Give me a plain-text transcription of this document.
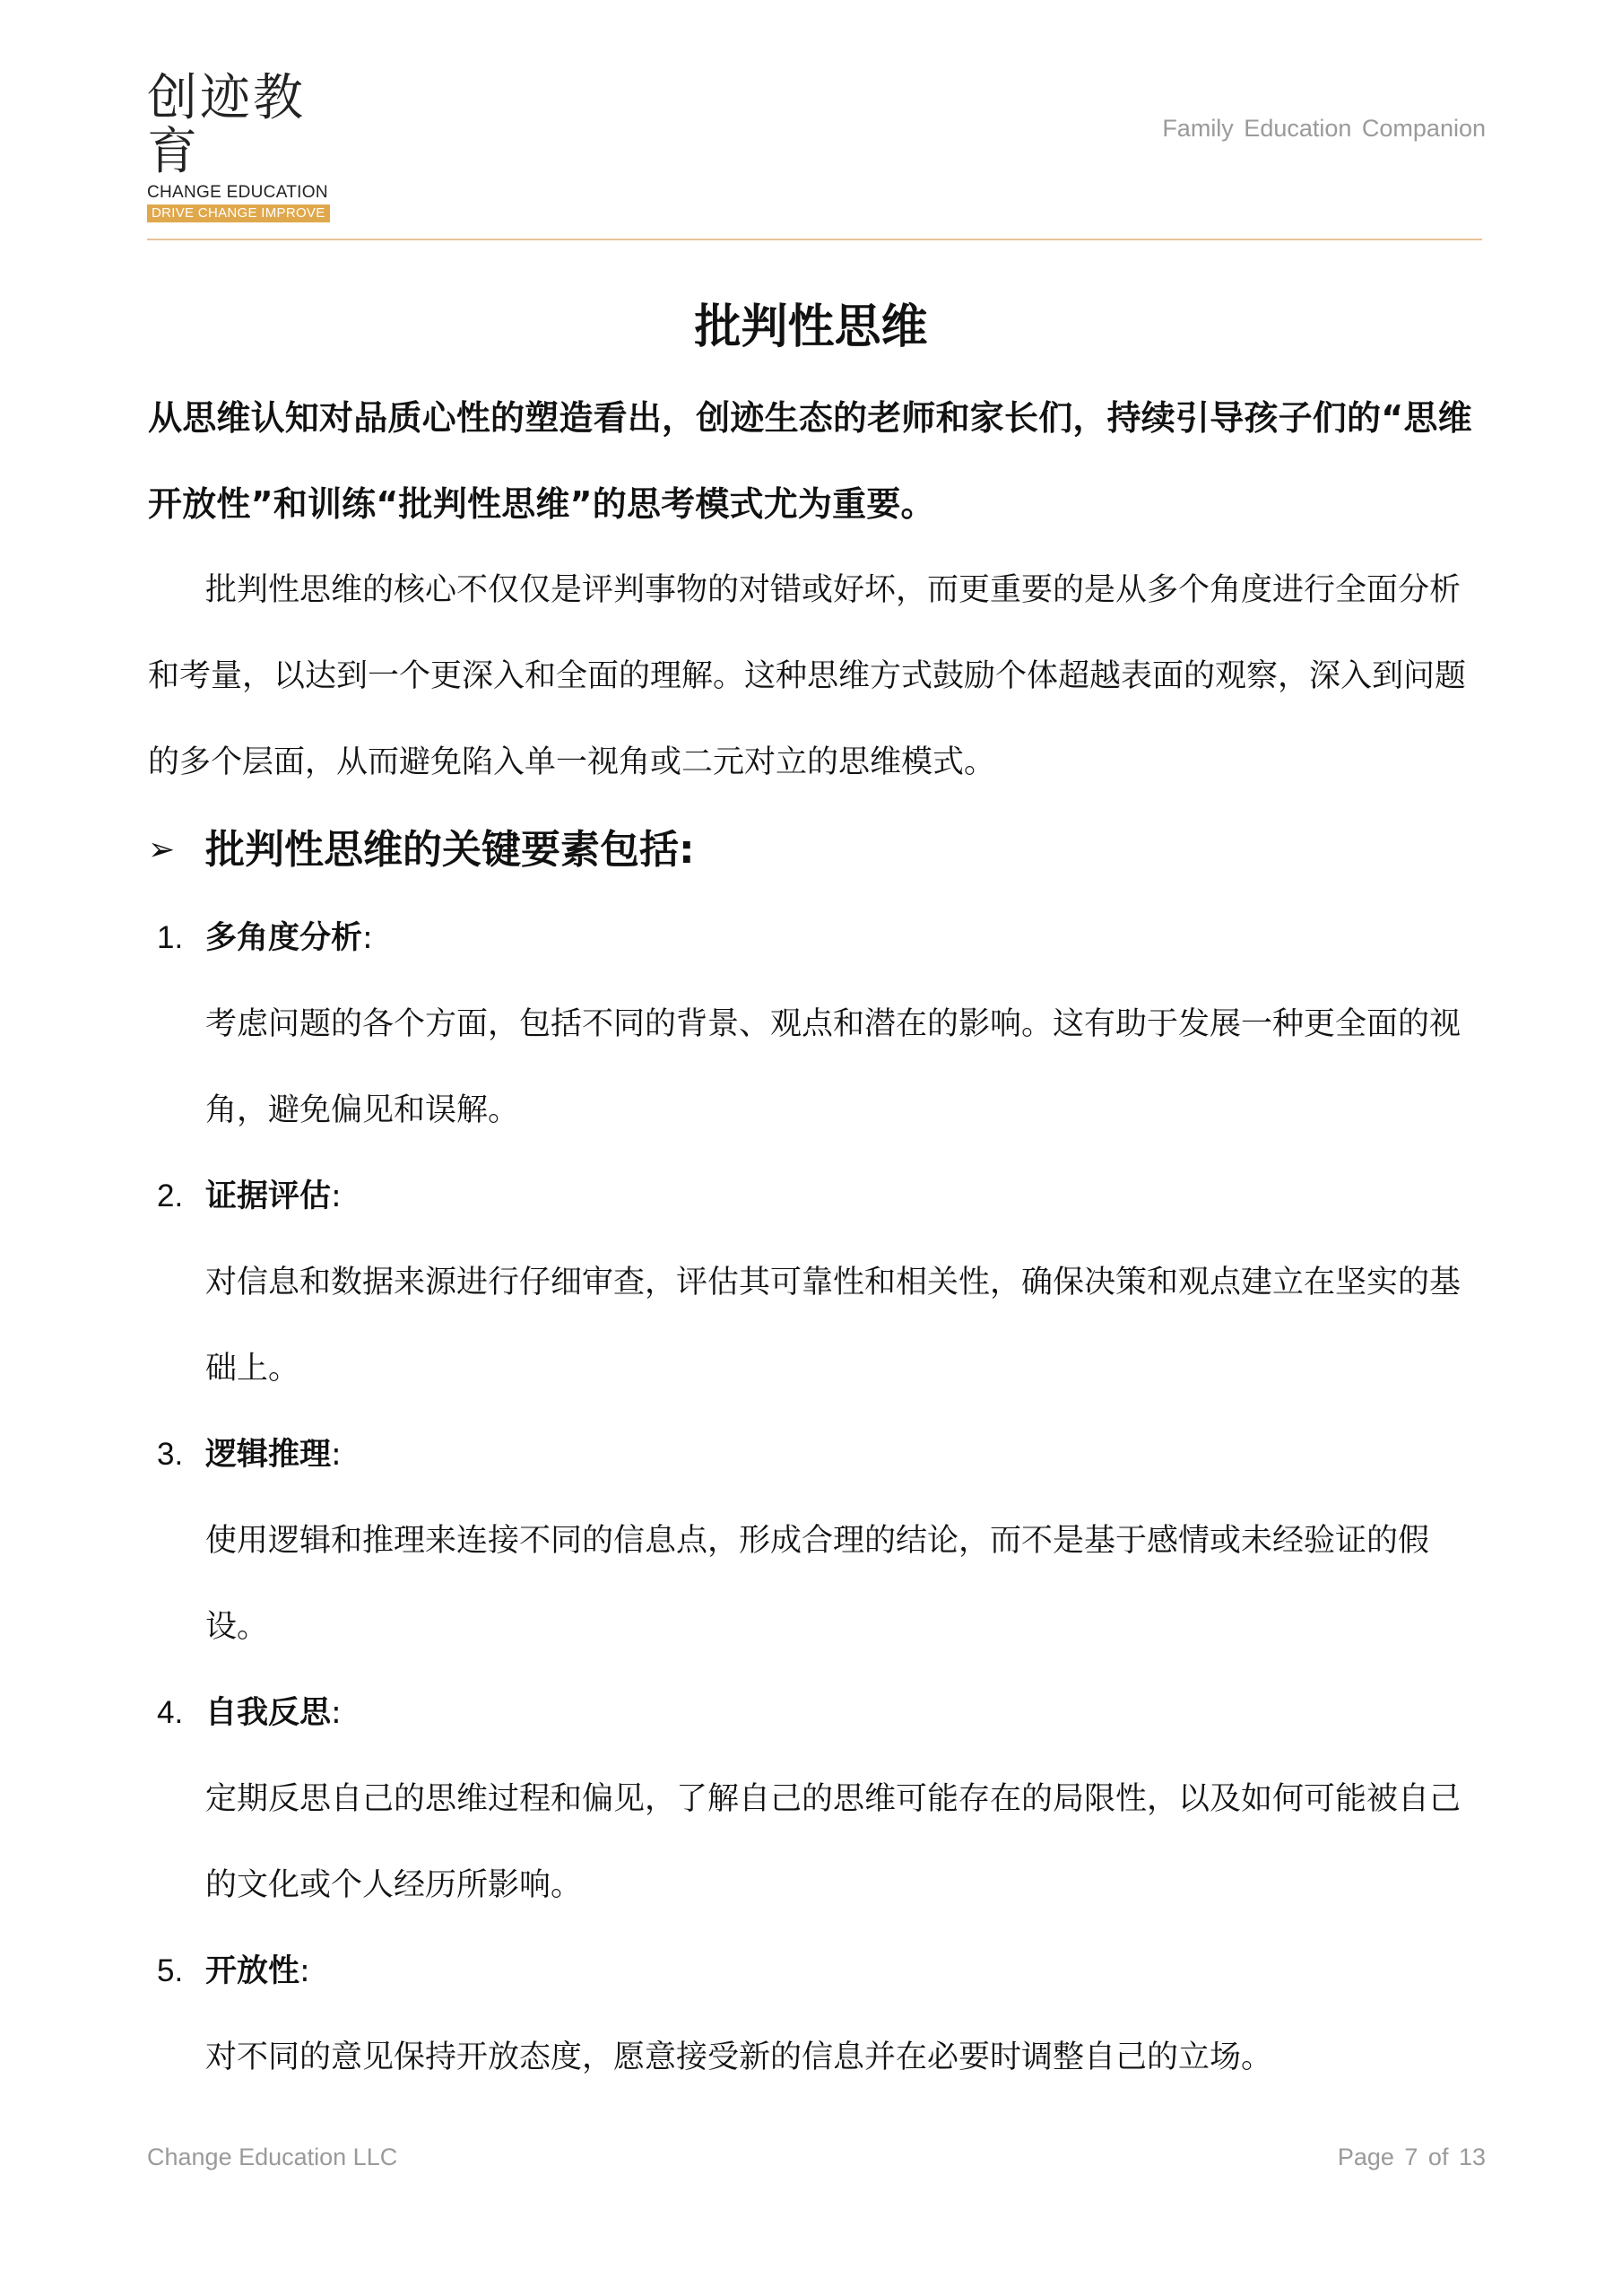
创迹教育
CHANGE EDUCATION
DRIVE CHANGE IMPROVE
Family Education Companion
批判性思维

从思维认知对品质心性的塑造看出，创迹生态的老师和家长们，持续引导孩子们的“思维开放性”和训练“批判性思维”的思考模式尤为重要。

批判性思维的核心不仅仅是评判事物的对错或好坏，而更重要的是从多个角度进行全面分析和考量，以达到一个更深入和全面的理解。这种思维方式鼓励个体超越表面的观察，深入到问题的多个层面，从而避免陷入单一视角或二元对立的思维模式。

➢ 批判性思维的关键要素包括:
1. 多角度分析:

考虑问题的各个方面，包括不同的背景、观点和潜在的影响。这有助于发展一种更全面的视角，避免偏见和误解。

2. 证据评估:

对信息和数据来源进行仔细审查，评估其可靠性和相关性，确保决策和观点建立在坚实的基础上。

3. 逻辑推理:

使用逻辑和推理来连接不同的信息点，形成合理的结论，而不是基于感情或未经验证的假设。

4. 自我反思:

定期反思自己的思维过程和偏见，了解自己的思维可能存在的局限性，以及如何可能被自己的文化或个人经历所影响。

5. 开放性:

对不同的意见保持开放态度，愿意接受新的信息并在必要时调整自己的立场。

Change Education LLC	Page 7 of 13
